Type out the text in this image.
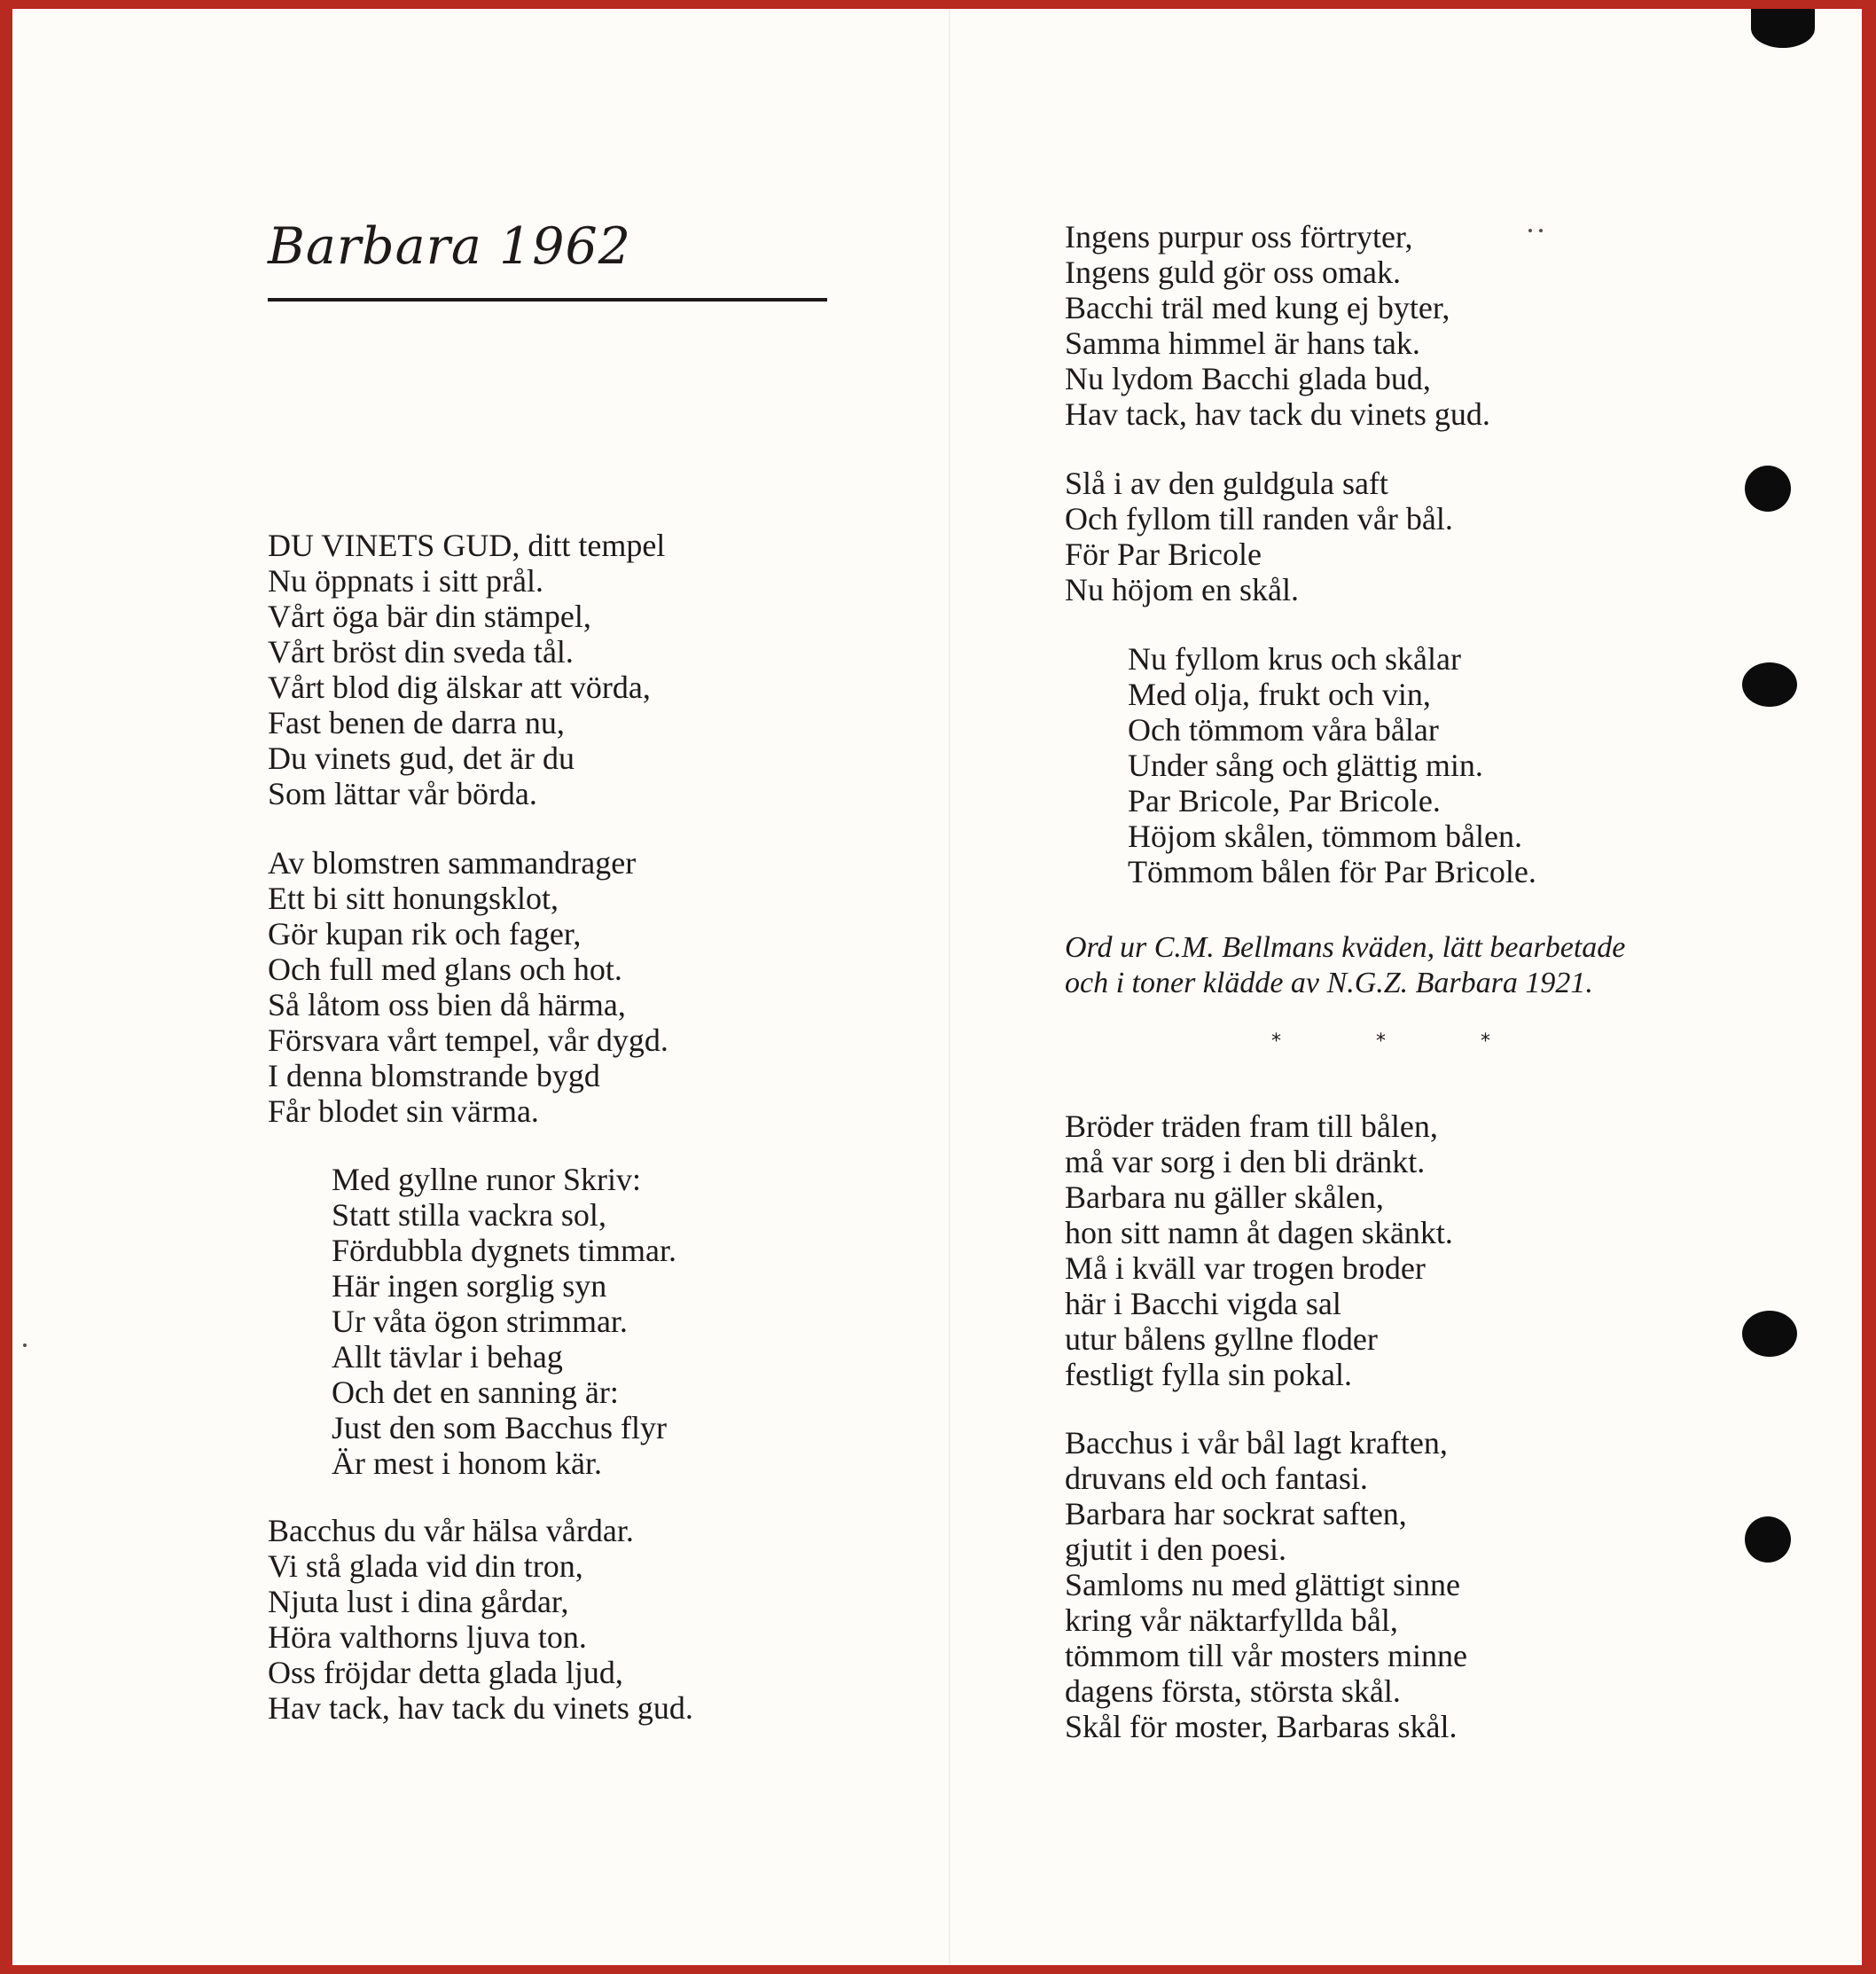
Barbara 1962
DU VINETS GUD, ditt tempel
Nu öppnats i sitt prål.
Vårt öga bär din stämpel,
Vårt bröst din sveda tål.
Vårt blod dig älskar att vörda,
Fast benen de darra nu,
Du vinets gud, det är du
Som lättar vår börda.
Av blomstren sammandrager
Ett bi sitt honungsklot,
Gör kupan rik och fager,
Och full med glans och hot.
Så låtom oss bien då härma,
Försvara vårt tempel, vår dygd.
I denna blomstrande bygd
Får blodet sin värma.
Med gyllne runor Skriv:
Statt stilla vackra sol,
Fördubbla dygnets timmar.
Här ingen sorglig syn
Ur våta ögon strimmar.
Allt tävlar i behag
Och det en sanning är:
Just den som Bacchus flyr
Är mest i honom kär.
Bacchus du vår hälsa vårdar.
Vi stå glada vid din tron,
Njuta lust i dina gårdar,
Höra valthorns ljuva ton.
Oss fröjdar detta glada ljud,
Hav tack, hav tack du vinets gud.
Ingens purpur oss förtryter,
Ingens guld gör oss omak.
Bacchi träl med kung ej byter,
Samma himmel är hans tak.
Nu lydom Bacchi glada bud,
Hav tack, hav tack du vinets gud.
Slå i av den guldgula saft
Och fyllom till randen vår bål.
För Par Bricole
Nu höjom en skål.
Nu fyllom krus och skålar
Med olja, frukt och vin,
Och tömmom våra bålar
Under sång och glättig min.
Par Bricole, Par Bricole.
Höjom skålen, tömmom bålen.
Tömmom bålen för Par Bricole.
Ord ur C.M. Bellmans kväden, lätt bearbetade
och i toner klädde av N.G.Z. Barbara 1921.
* * *
Bröder träden fram till bålen,
må var sorg i den bli dränkt.
Barbara nu gäller skålen,
hon sitt namn åt dagen skänkt.
Må i kväll var trogen broder
här i Bacchi vigda sal
utur bålens gyllne floder
festligt fylla sin pokal.
Bacchus i vår bål lagt kraften,
druvans eld och fantasi.
Barbara har sockrat saften,
gjutit i den poesi.
Samloms nu med glättigt sinne
kring vår näktarfyllda bål,
tömmom till vår mosters minne
dagens första, största skål.
Skål för moster, Barbaras skål.
